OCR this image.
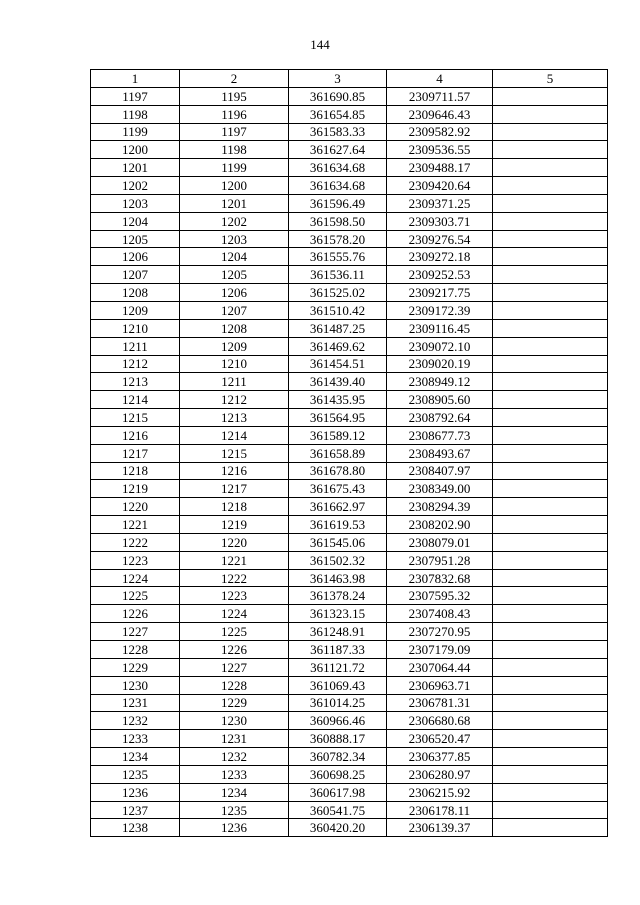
144
1	2	3	4	5
1197	1195	361690.85	2309711.57	
1198	1196	361654.85	2309646.43	
1199	1197	361583.33	2309582.92	
1200	1198	361627.64	2309536.55	
1201	1199	361634.68	2309488.17	
1202	1200	361634.68	2309420.64	
1203	1201	361596.49	2309371.25	
1204	1202	361598.50	2309303.71	
1205	1203	361578.20	2309276.54	
1206	1204	361555.76	2309272.18	
1207	1205	361536.11	2309252.53	
1208	1206	361525.02	2309217.75	
1209	1207	361510.42	2309172.39	
1210	1208	361487.25	2309116.45	
1211	1209	361469.62	2309072.10	
1212	1210	361454.51	2309020.19	
1213	1211	361439.40	2308949.12	
1214	1212	361435.95	2308905.60	
1215	1213	361564.95	2308792.64	
1216	1214	361589.12	2308677.73	
1217	1215	361658.89	2308493.67	
1218	1216	361678.80	2308407.97	
1219	1217	361675.43	2308349.00	
1220	1218	361662.97	2308294.39	
1221	1219	361619.53	2308202.90	
1222	1220	361545.06	2308079.01	
1223	1221	361502.32	2307951.28	
1224	1222	361463.98	2307832.68	
1225	1223	361378.24	2307595.32	
1226	1224	361323.15	2307408.43	
1227	1225	361248.91	2307270.95	
1228	1226	361187.33	2307179.09	
1229	1227	361121.72	2307064.44	
1230	1228	361069.43	2306963.71	
1231	1229	361014.25	2306781.31	
1232	1230	360966.46	2306680.68	
1233	1231	360888.17	2306520.47	
1234	1232	360782.34	2306377.85	
1235	1233	360698.25	2306280.97	
1236	1234	360617.98	2306215.92	
1237	1235	360541.75	2306178.11	
1238	1236	360420.20	2306139.37	
